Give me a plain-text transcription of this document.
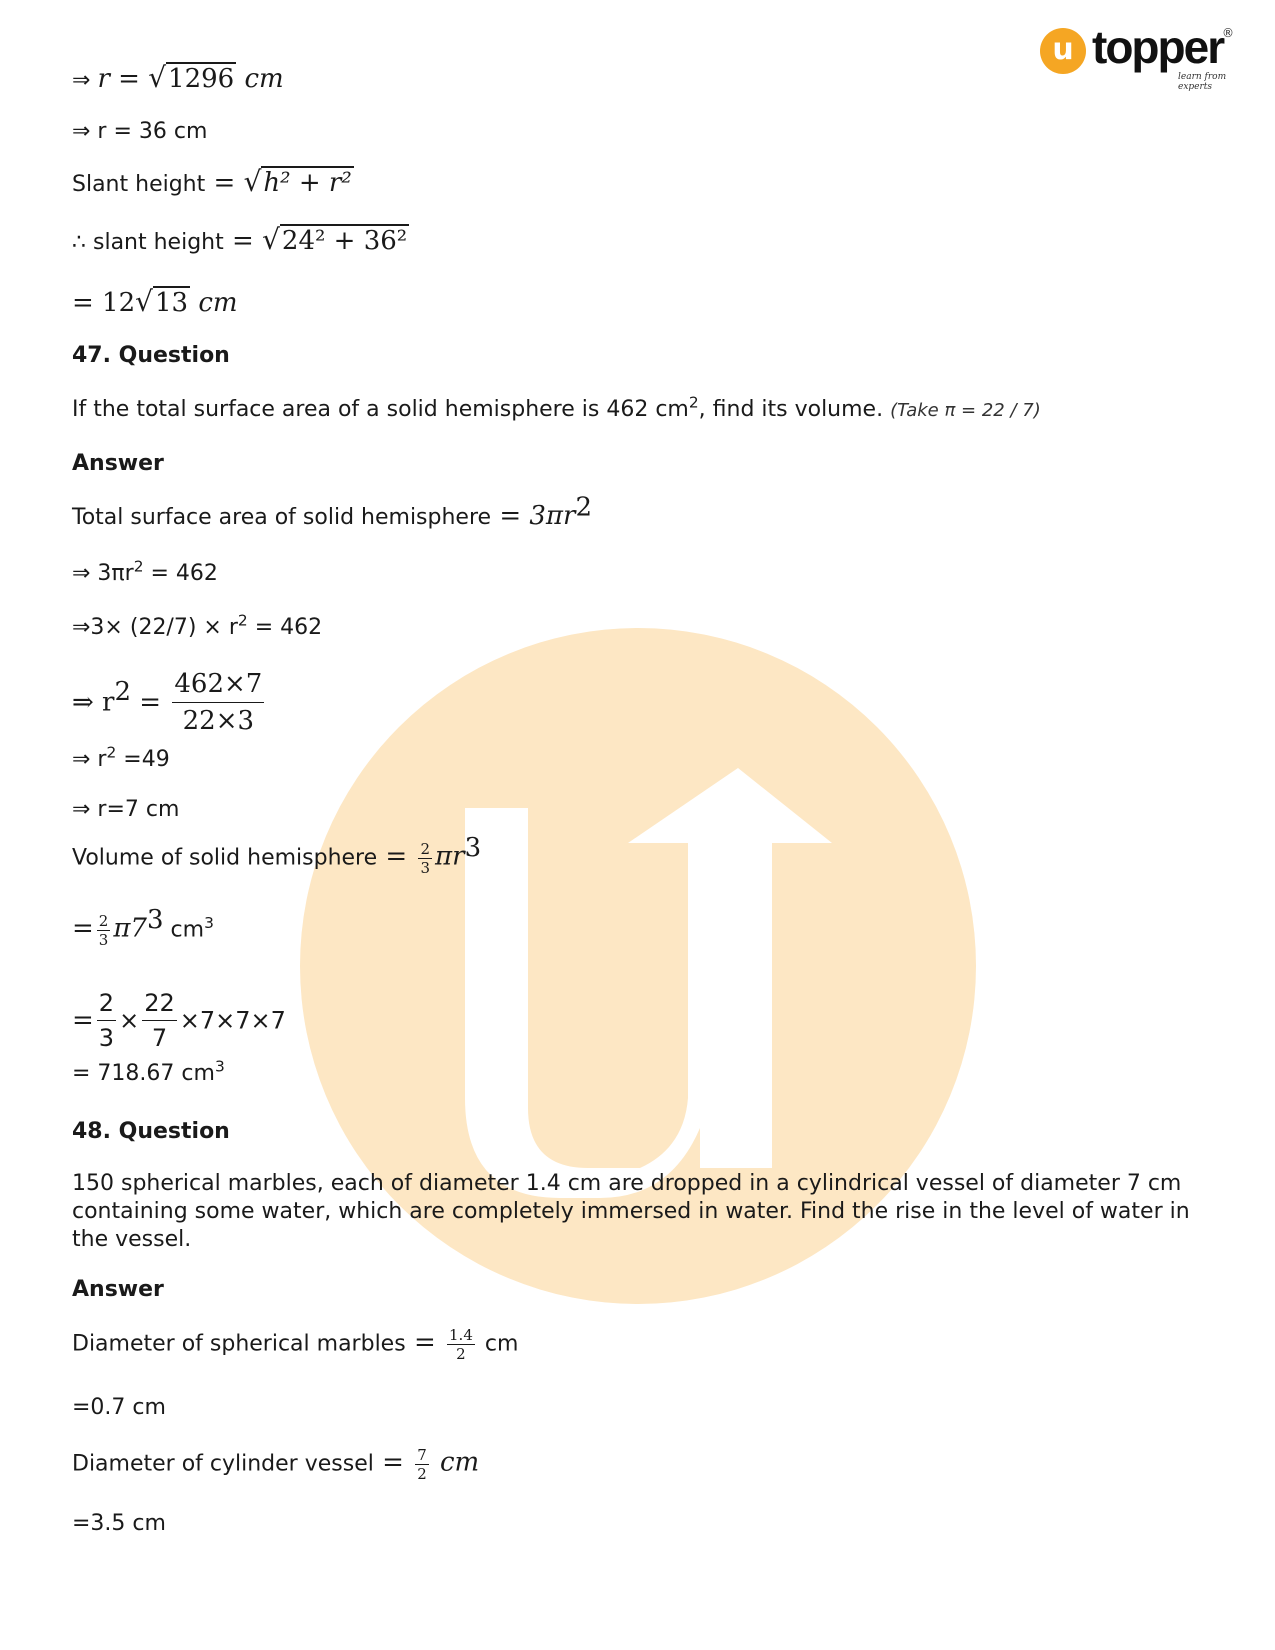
u topper
®
learn from experts
⇒ r = √1296 cm
⇒ r = 36 cm
Slant height = √h² + r²
∴ slant height = √24² + 36²
= 12√13 cm
47. Question
If the total surface area of a solid hemisphere is 462 $cm^2$, find its volume. (Take π = 22 / 7)
Answer
Total surface area of solid hemisphere = $3\pi r^2$
⇒ $3\pi r^2 = 462$
⇒3× $(22/7) \times r^2 = 462$
⇒ $r^2 = \frac{462\times 7}{22\times 3}$
⇒ $r^2 =49$
⇒ r=7 cm
Volume of solid hemisphere = $\frac{2}{3} \pi r^3$
= $\frac{2}{3} \pi 7^3$ $cm^3$
= $\frac{2}{3} \times \frac{22}{7} \times 7\times 7\times 7$
= 718.67 $cm^3$
48. Question
150 spherical marbles, each of diameter 1.4 cm are dropped in a cylindrical vessel of diameter 7 cm containing some water, which are completely immersed in water. Find the rise in the level of water in the vessel.
Answer
Diameter of spherical marbles = $\frac{1.4}{2}$ cm
=0.7 cm
Diameter of cylinder vessel = $\frac{7}{2}$ cm
=3.5 cm
